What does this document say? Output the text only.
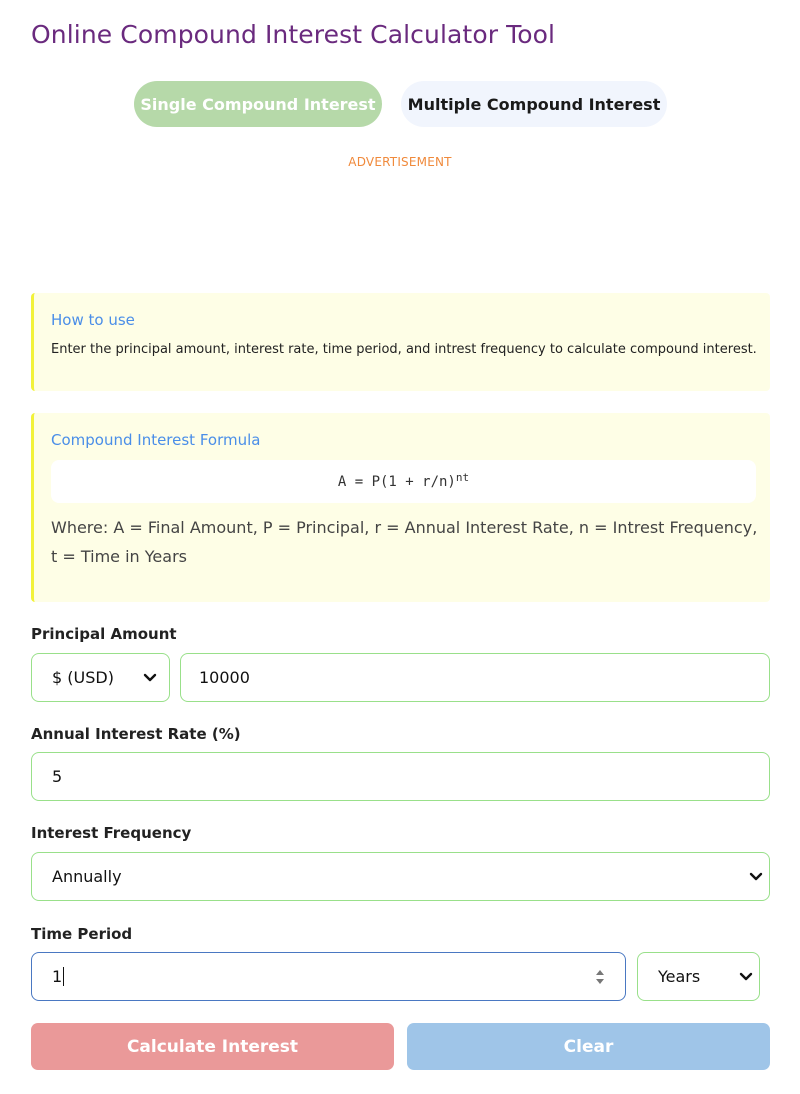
Online Compound Interest Calculator Tool
Single Compound Interest	Multiple Compound Interest
ADVERTISEMENT
How to use
Enter the principal amount, interest rate, time period, and intrest frequency to calculate compound interest.
Compound Interest Formula
$A = P(1 + r/n)^{nt}$
Where: A = Final Amount, P = Principal, r = Annual Interest Rate, n = Intrest Frequency, t = Time in Years
Principal Amount
$ (USD)	10000
Annual Interest Rate (%)
5
Interest Frequency
Annually
Time Period
1	Years
Calculate Interest	Clear
